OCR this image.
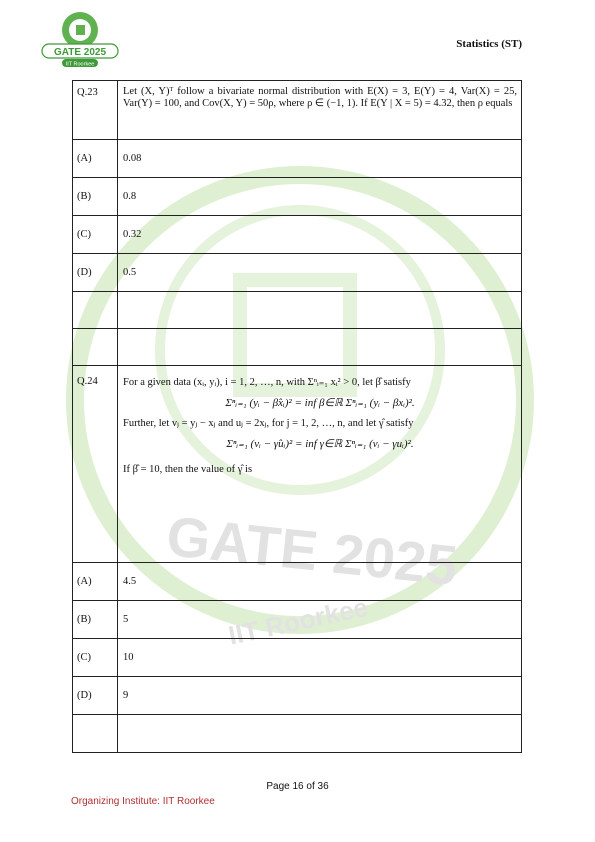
GATE 2025
IIT Roorkee
Statistics (ST)
GATE 2025
IIT Roorkee
Q.23	Let (X, Y)ᵀ follow a bivariate normal distribution with E(X) = 3, E(Y) = 4, Var(X) = 25, Var(Y) = 100, and Cov(X, Y) = 50ρ, where ρ ∈ (−1, 1). If E(Y | X = 5) = 4.32, then ρ equals

(A)	0.08
(B)	0.8
(C)	0.32
(D)	0.5

Q.24	For a given data (xᵢ, yᵢ), i = 1, 2, …, n, with Σⁿᵢ₌₁ xᵢ² > 0, let β̂ satisfy
Σⁿᵢ₌₁ (yᵢ − β̂xᵢ)² = inf β∈ℝ Σⁿᵢ₌₁ (yᵢ − βxᵢ)².
Further, let vⱼ = yⱼ − xⱼ and uⱼ = 2xⱼ, for j = 1, 2, …, n, and let γ̂ satisfy
Σⁿᵢ₌₁ (vᵢ − γ̂uᵢ)² = inf γ∈ℝ Σⁿᵢ₌₁ (vᵢ − γuᵢ)².
If β̂ = 10, then the value of γ̂ is

(A)	4.5
(B)	5
(C)	10
(D)	9

Page 16 of 36
Organizing Institute: IIT Roorkee
